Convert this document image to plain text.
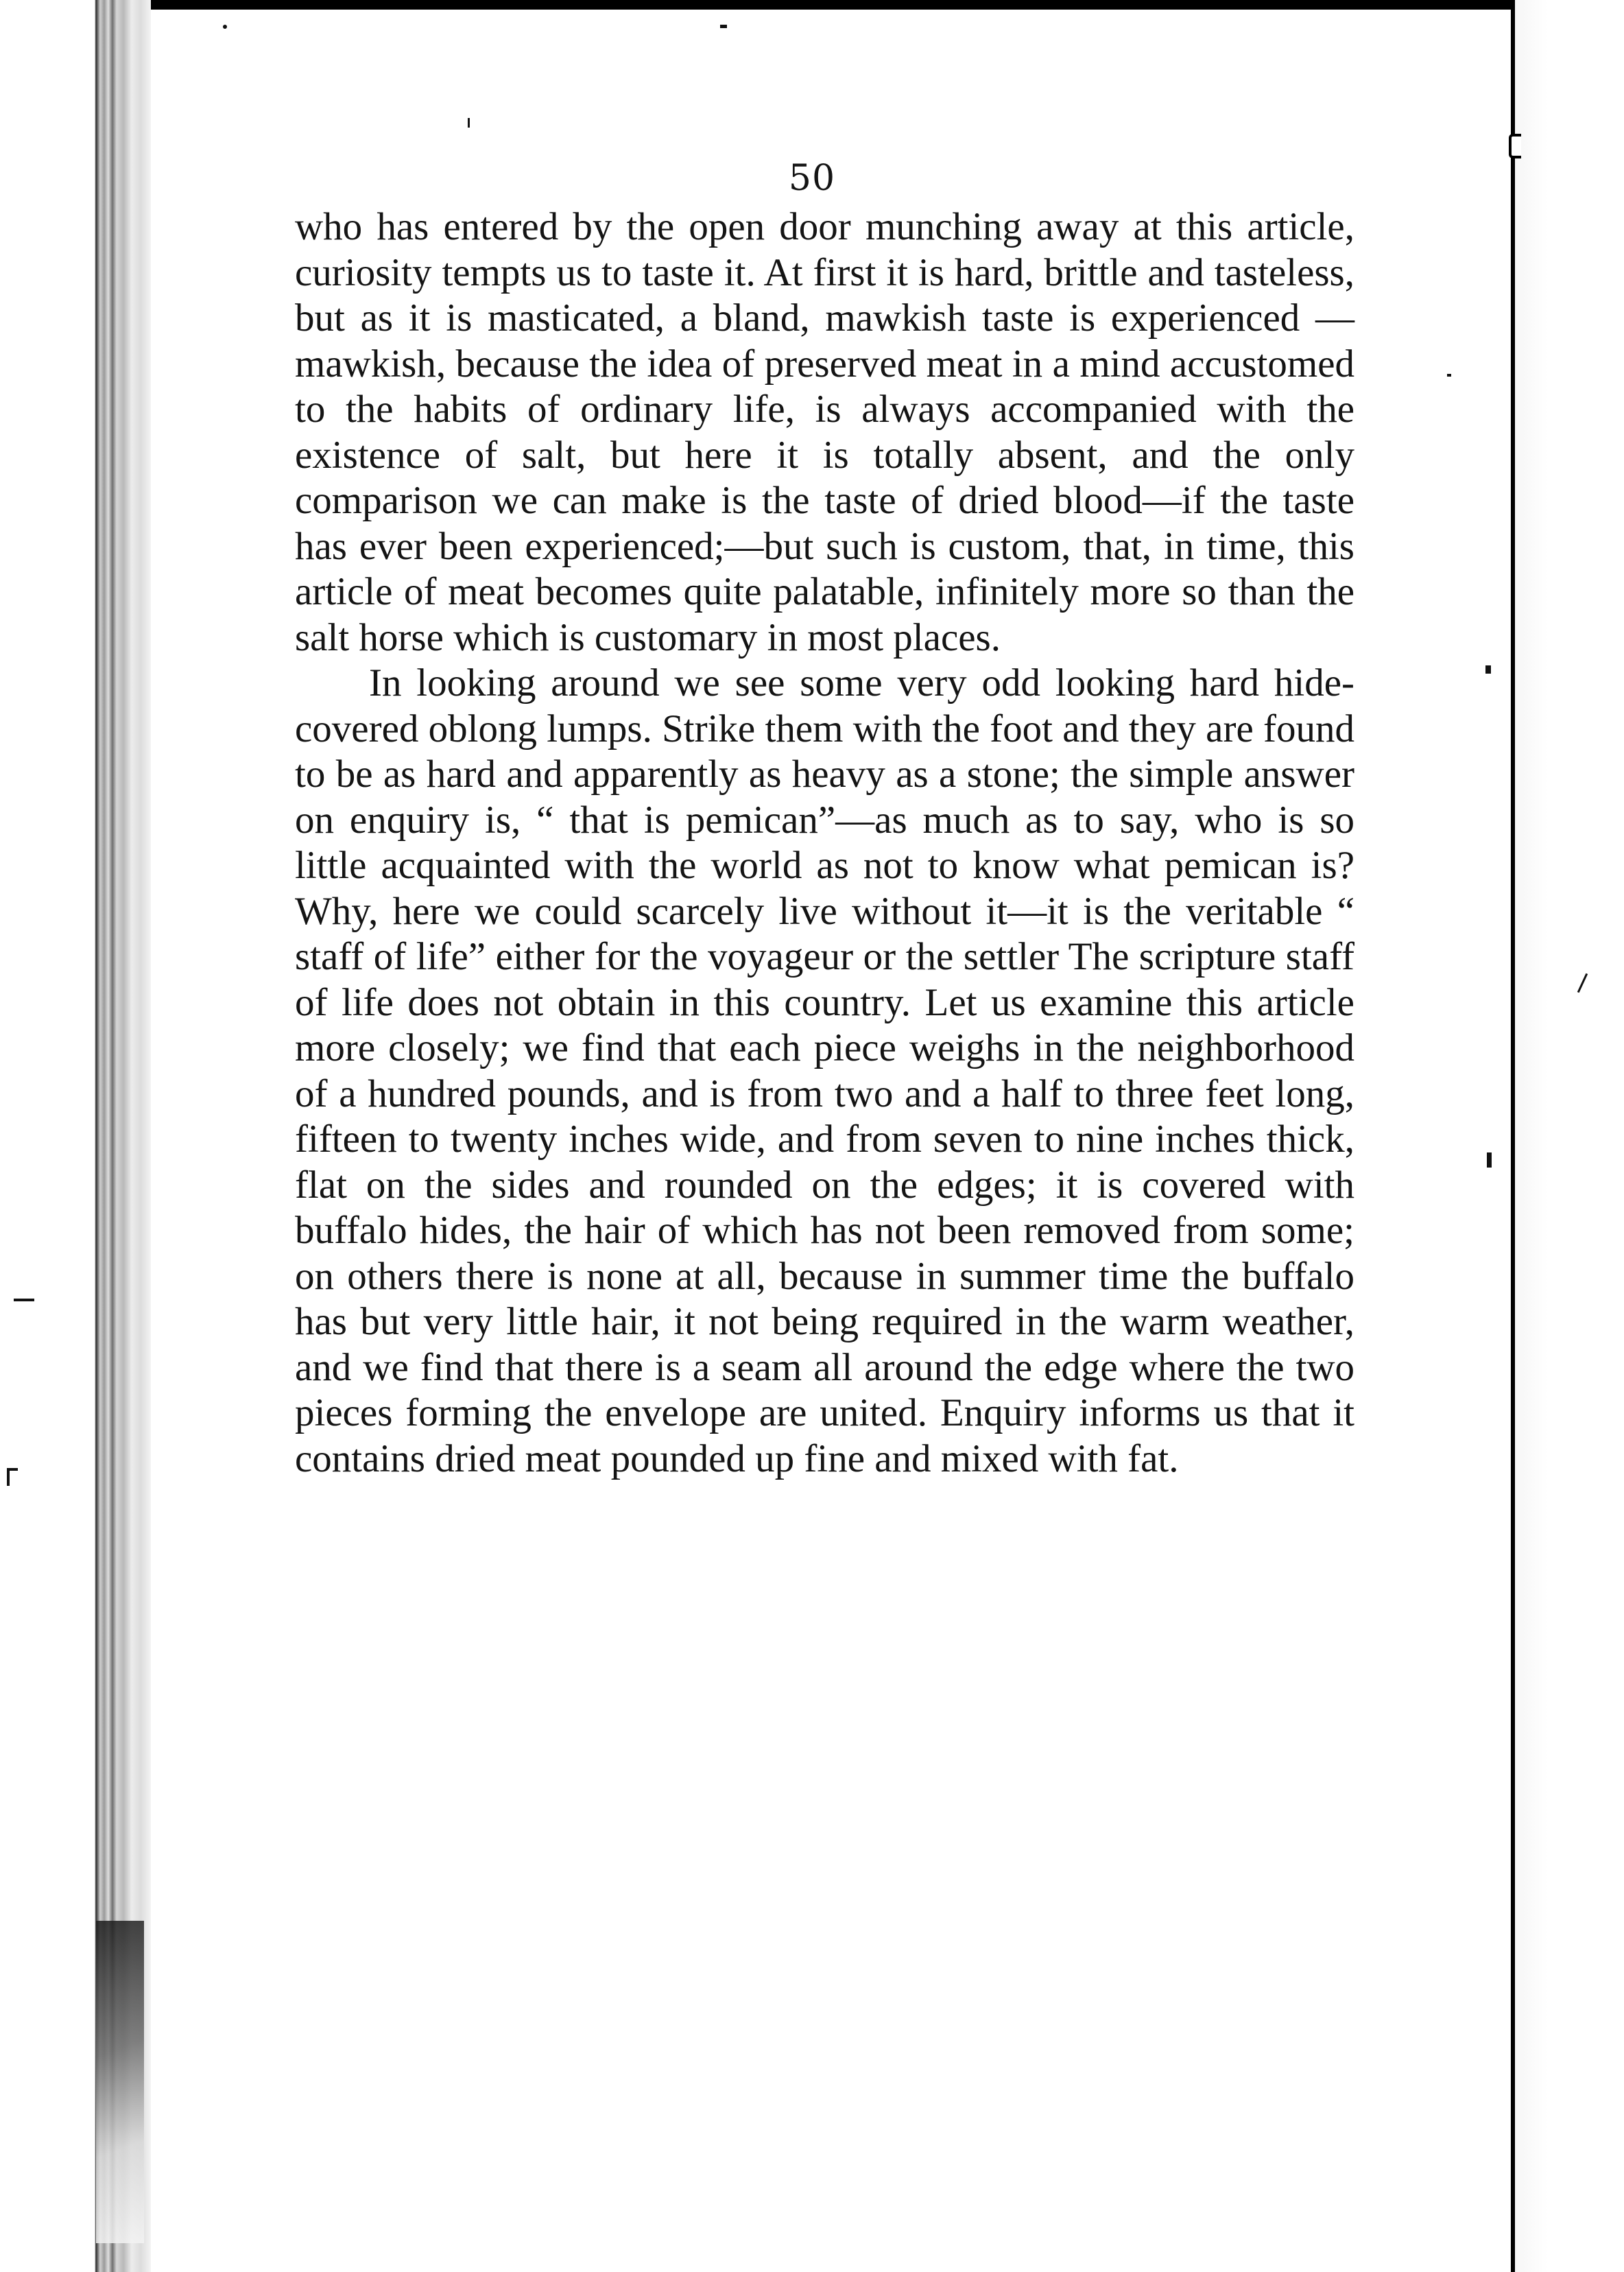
50

who has entered by the open door munching away at this article, curiosity tempts us to taste it. At first it is hard, brittle and tasteless, but as it is masticated, a bland, mawkish taste is experienced — mawkish, because the idea of preserved meat in a mind accustomed to the habits of ordinary life, is always accompanied with the existence of salt, but here it is totally absent, and the only comparison we can make is the taste of dried blood—if the taste has ever been experienced;—but such is custom, that, in time, this article of meat becomes quite palatable, infinitely more so than the salt horse which is customary in most places.

In looking around we see some very odd looking hard hide-covered oblong lumps. Strike them with the foot and they are found to be as hard and apparently as heavy as a stone; the simple answer on enquiry is, “ that is pemican”—as much as to say, who is so little acquainted with the world as not to know what pemican is? Why, here we could scarcely live without it—it is the veritable “ staff of life” either for the voyageur or the settler The scripture staff of life does not obtain in this country. Let us examine this article more closely; we find that each piece weighs in the neighborhood of a hundred pounds, and is from two and a half to three feet long, fifteen to twenty inches wide, and from seven to nine inches thick, flat on the sides and rounded on the edges; it is covered with buffalo hides, the hair of which has not been removed from some; on others there is none at all, because in summer time the buffalo has but very little hair, it not being required in the warm weather, and we find that there is a seam all around the edge where the two pieces forming the envelope are united. Enquiry informs us that it contains dried meat pounded up fine and mixed with fat.
